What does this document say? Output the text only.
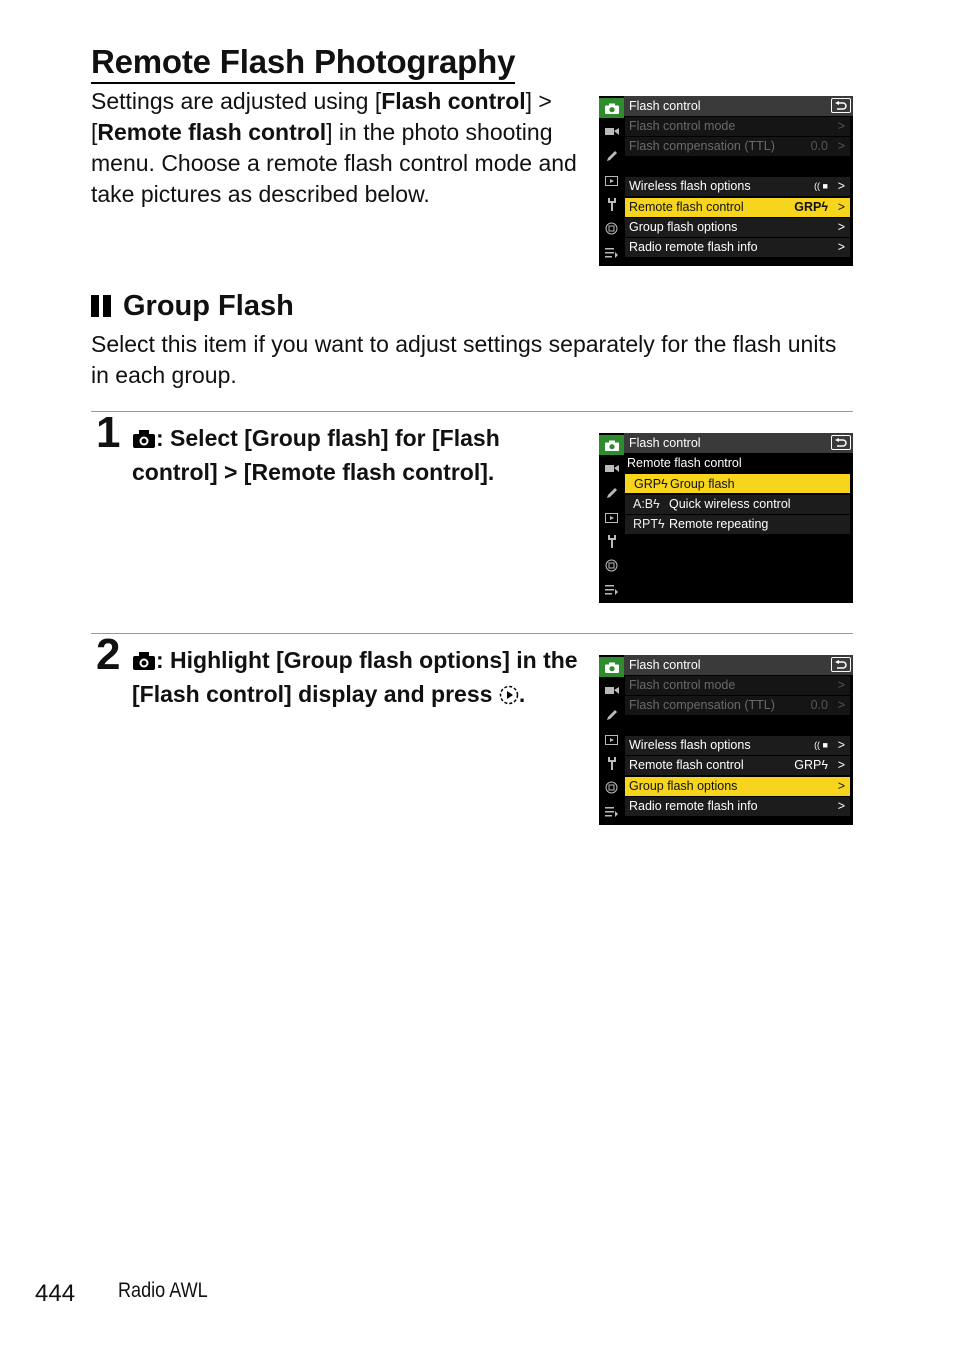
Remote Flash Photography
Settings are adjusted using [Flash control] > [Remote flash control] in the photo shooting menu. Choose a remote flash control mode and take pictures as described below.
Flash control
Flash control mode	>
Flash compensation (TTL)	0.0 >
Wireless flash options	(( ■ >
Remote flash control	GRPϟ >
Group flash options	>
Radio remote flash info	>
Group Flash
Select this item if you want to adjust settings separately for the flash units in each group.
1	: Select [Group flash] for [Flash control] > [Remote flash control].
Flash control
Remote flash control
GRPϟ Group flash
A:Bϟ Quick wireless control
RPTϟ Remote repeating
2	: Highlight [Group flash options] in the [Flash control] display and press .
Flash control
Flash control mode	>
Flash compensation (TTL)	0.0 >
Wireless flash options	(( ■ >
Remote flash control	GRPϟ >
Group flash options	>
Radio remote flash info	>
444 Radio AWL
